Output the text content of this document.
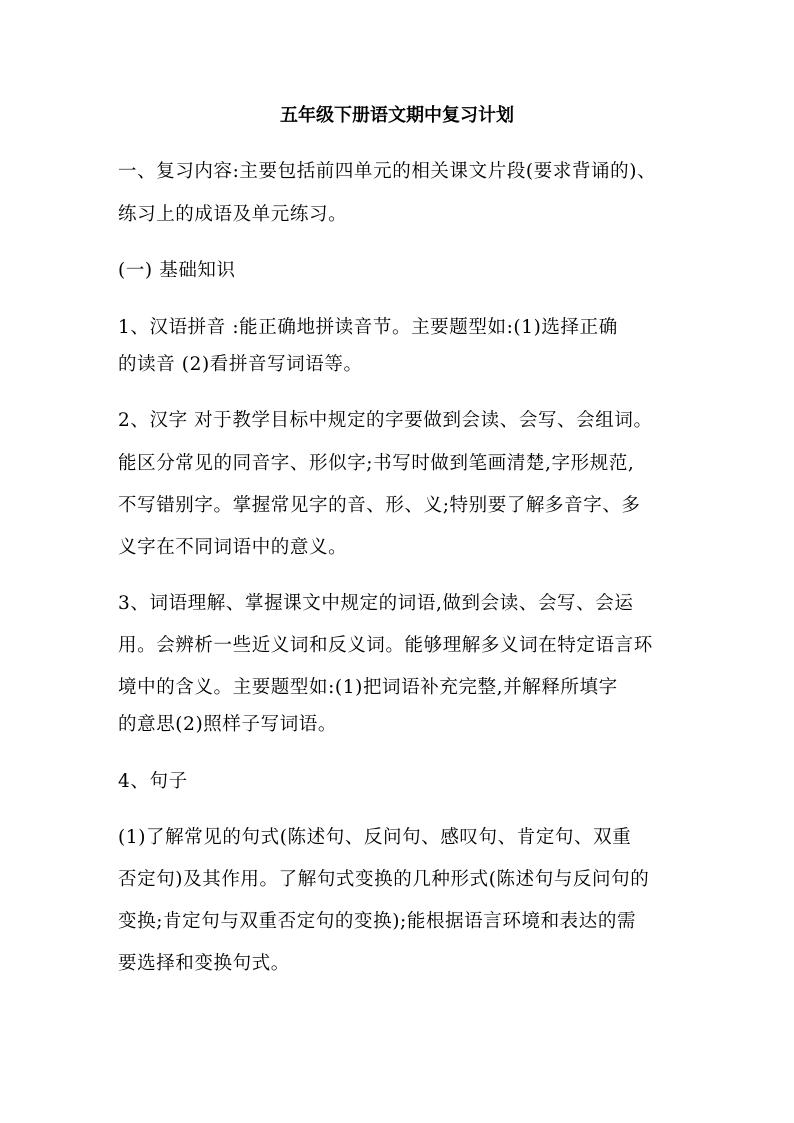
五年级下册语文期中复习计划
一、复习内容:主要包括前四单元的相关课文片段(要求背诵的)、
练习上的成语及单元练习。
(一) 基础知识
1、汉语拼音 :能正确地拼读音节。主要题型如:(1)选择正确
的读音 (2)看拼音写词语等。
2、汉字 对于教学目标中规定的字要做到会读、会写、会组词。
能区分常见的同音字、形似字;书写时做到笔画清楚,字形规范,
不写错别字。掌握常见字的音、形、义;特别要了解多音字、多
义字在不同词语中的意义。
3、词语理解、掌握课文中规定的词语,做到会读、会写、会运
用。会辨析一些近义词和反义词。能够理解多义词在特定语言环
境中的含义。主要题型如:(1)把词语补充完整,并解释所填字
的意思(2)照样子写词语。
4、句子
(1)了解常见的句式(陈述句、反问句、感叹句、肯定句、双重
否定句)及其作用。了解句式变换的几种形式(陈述句与反问句的
变换;肯定句与双重否定句的变换);能根据语言环境和表达的需
要选择和变换句式。
